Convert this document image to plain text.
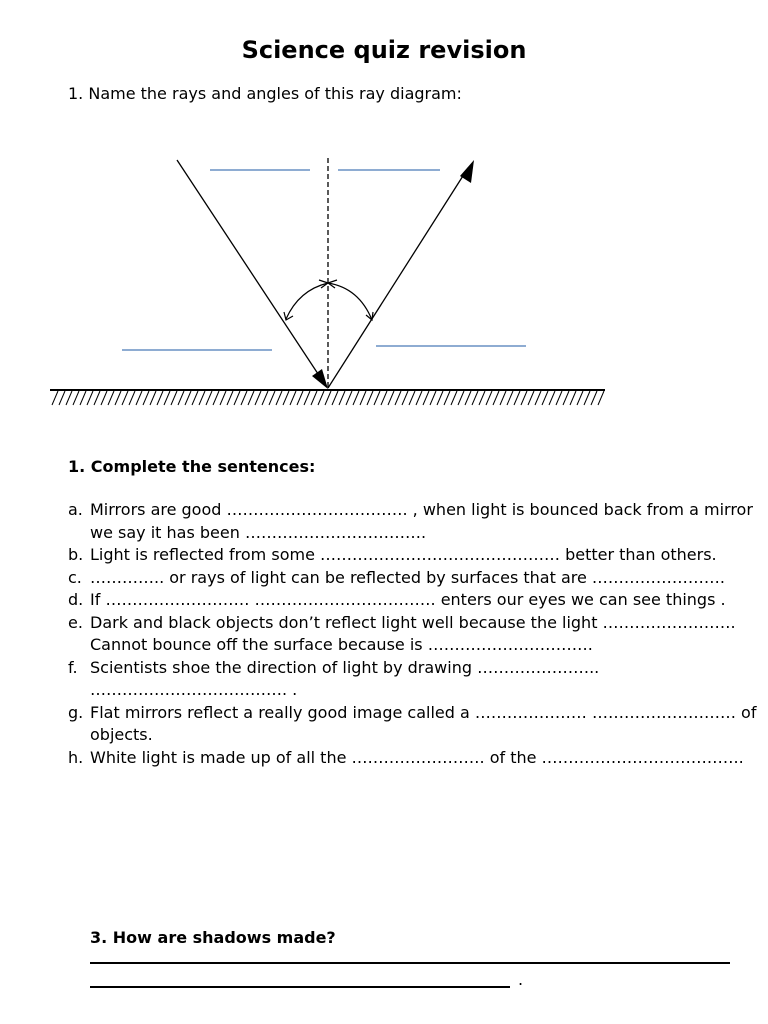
Science quiz revision
1. Name the rays and angles of this ray diagram:
1. Complete the sentences:
a. Mirrors are good ……………………………. , when light is bounced back from a mirror we say it has been …………………………….
b. Light is reflected from some ……………………………………… better than others.
c. ………….. or rays of light can be reflected by surfaces that are …………………….
d. If ……………………… ……………………………. enters our eyes we can see things .
e. Dark and black objects don’t reflect light well because the light ……………………. Cannot bounce off the surface because is ………………………….
f. Scientists shoe the direction of light by drawing ………………….. ………………………………. .
g. Flat mirrors reflect a really good image called a ………………… ……………………… of objects.
h. White light is made up of all the ……………………. of the ………………………………..
3. How are shadows made?
.
